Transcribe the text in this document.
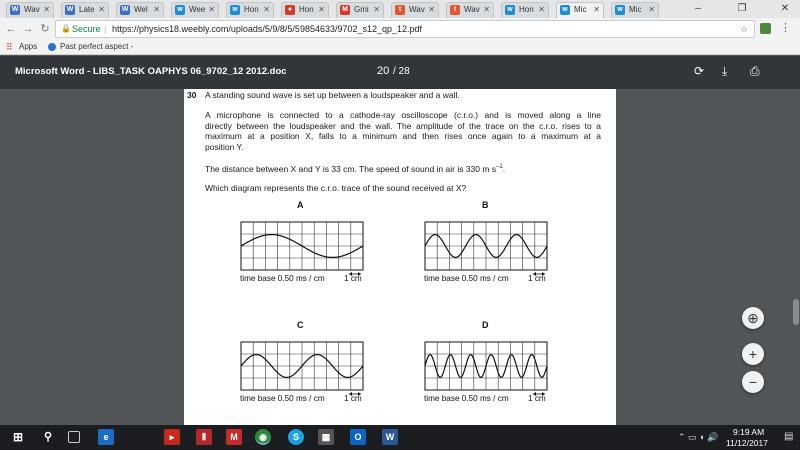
W Wav ✕ W Late ✕ W Wel ✕	w Wee ✕	w Hon ✕	● Hon ✕ M Gmi ✕	t Wav ✕	t Wav ✕	w Hon ✕	w Mic ✕	w Mic ✕	–	❐	✕
← → ↻ 🔒 Secure | https://physics18.weebly.com/uploads/5/9/8/5/59854633/9702_s12_qp_12.pdf	☆	⋮
⠿ Apps	Past perfect aspect -
Microsoft Word - LIBS_TASK OAPHYS 06_9702_12 2012.doc	20 / 28	⟳ ⤓ ⎙
30 A standing sound wave is set up between a loudspeaker and a wall.
A microphone is connected to a cathode-ray oscilloscope (c.r.o.) and is moved along a line
directly between the loudspeaker and the wall. The amplitude of the trace on the c.r.o. rises to a
maximum at a position X, falls to a minimum and then rises once again to a maximum at a
position Y.
The distance between X and Y is 33 cm. The speed of sound in air is 330 m $s^{-1}$.
Which diagram represents the c.r.o. trace of the sound received at X?
A
time base 0.50 ms / cm 1 cm
B
time base 0.50 ms / cm 1 cm
C
time base 0.50 ms / cm 1 cm
D
time base 0.50 ms / cm 1 cm
⊕
+
−
⊞	⚲	e	▸	⦀	M	◉	S	▦	O	W	⌃ ▭ ◖ 🔊 9:19 AM
11/12/2017
▤
